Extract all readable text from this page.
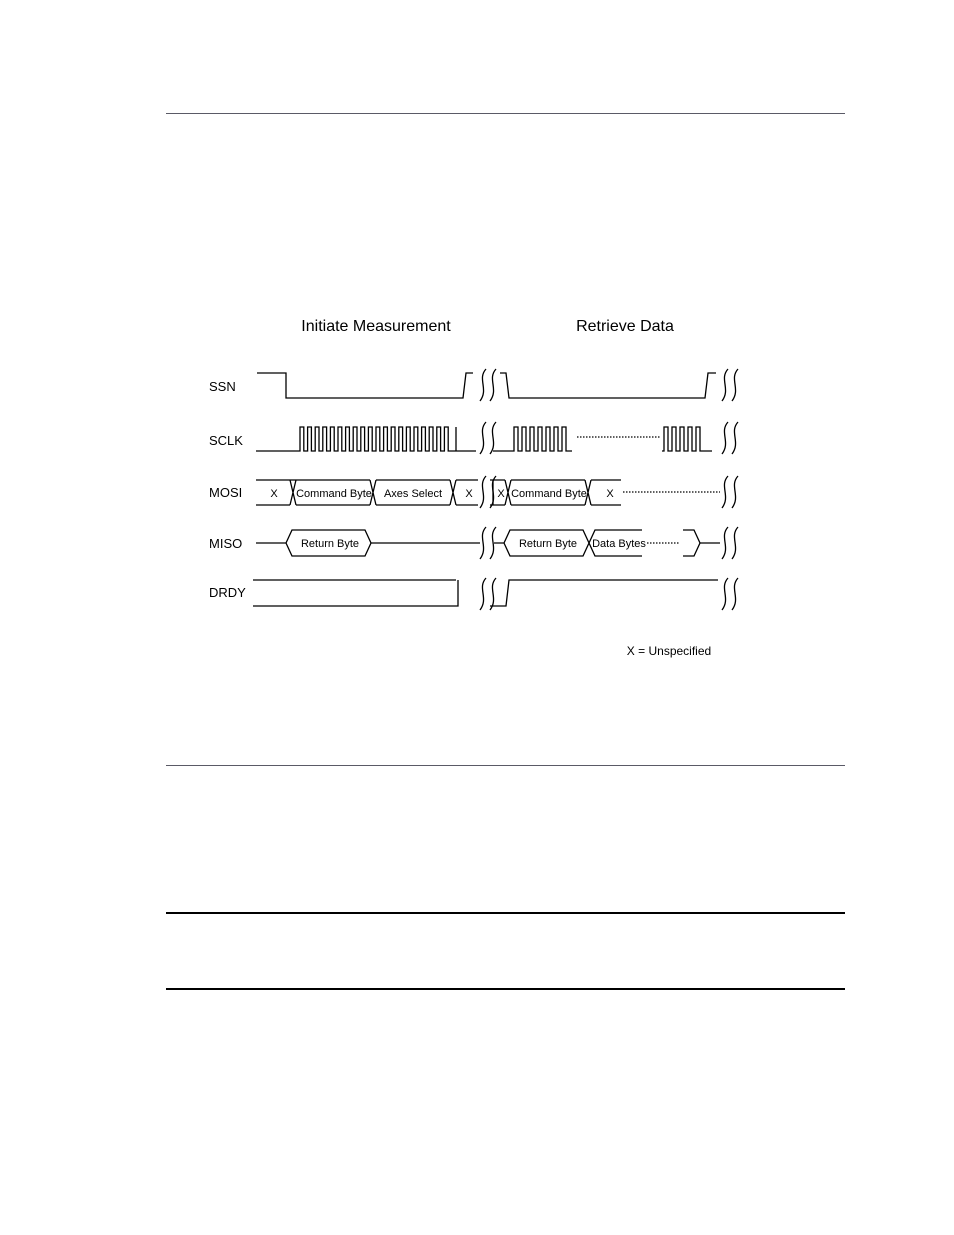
Initiate Measurement	Retrieve Data
SSN
SCLK
MOSI
MISO
DRDY
X Command Byte Axes Select X X Command Byte X
Return Byte	Return Byte Data Bytes
X = Unspecified
